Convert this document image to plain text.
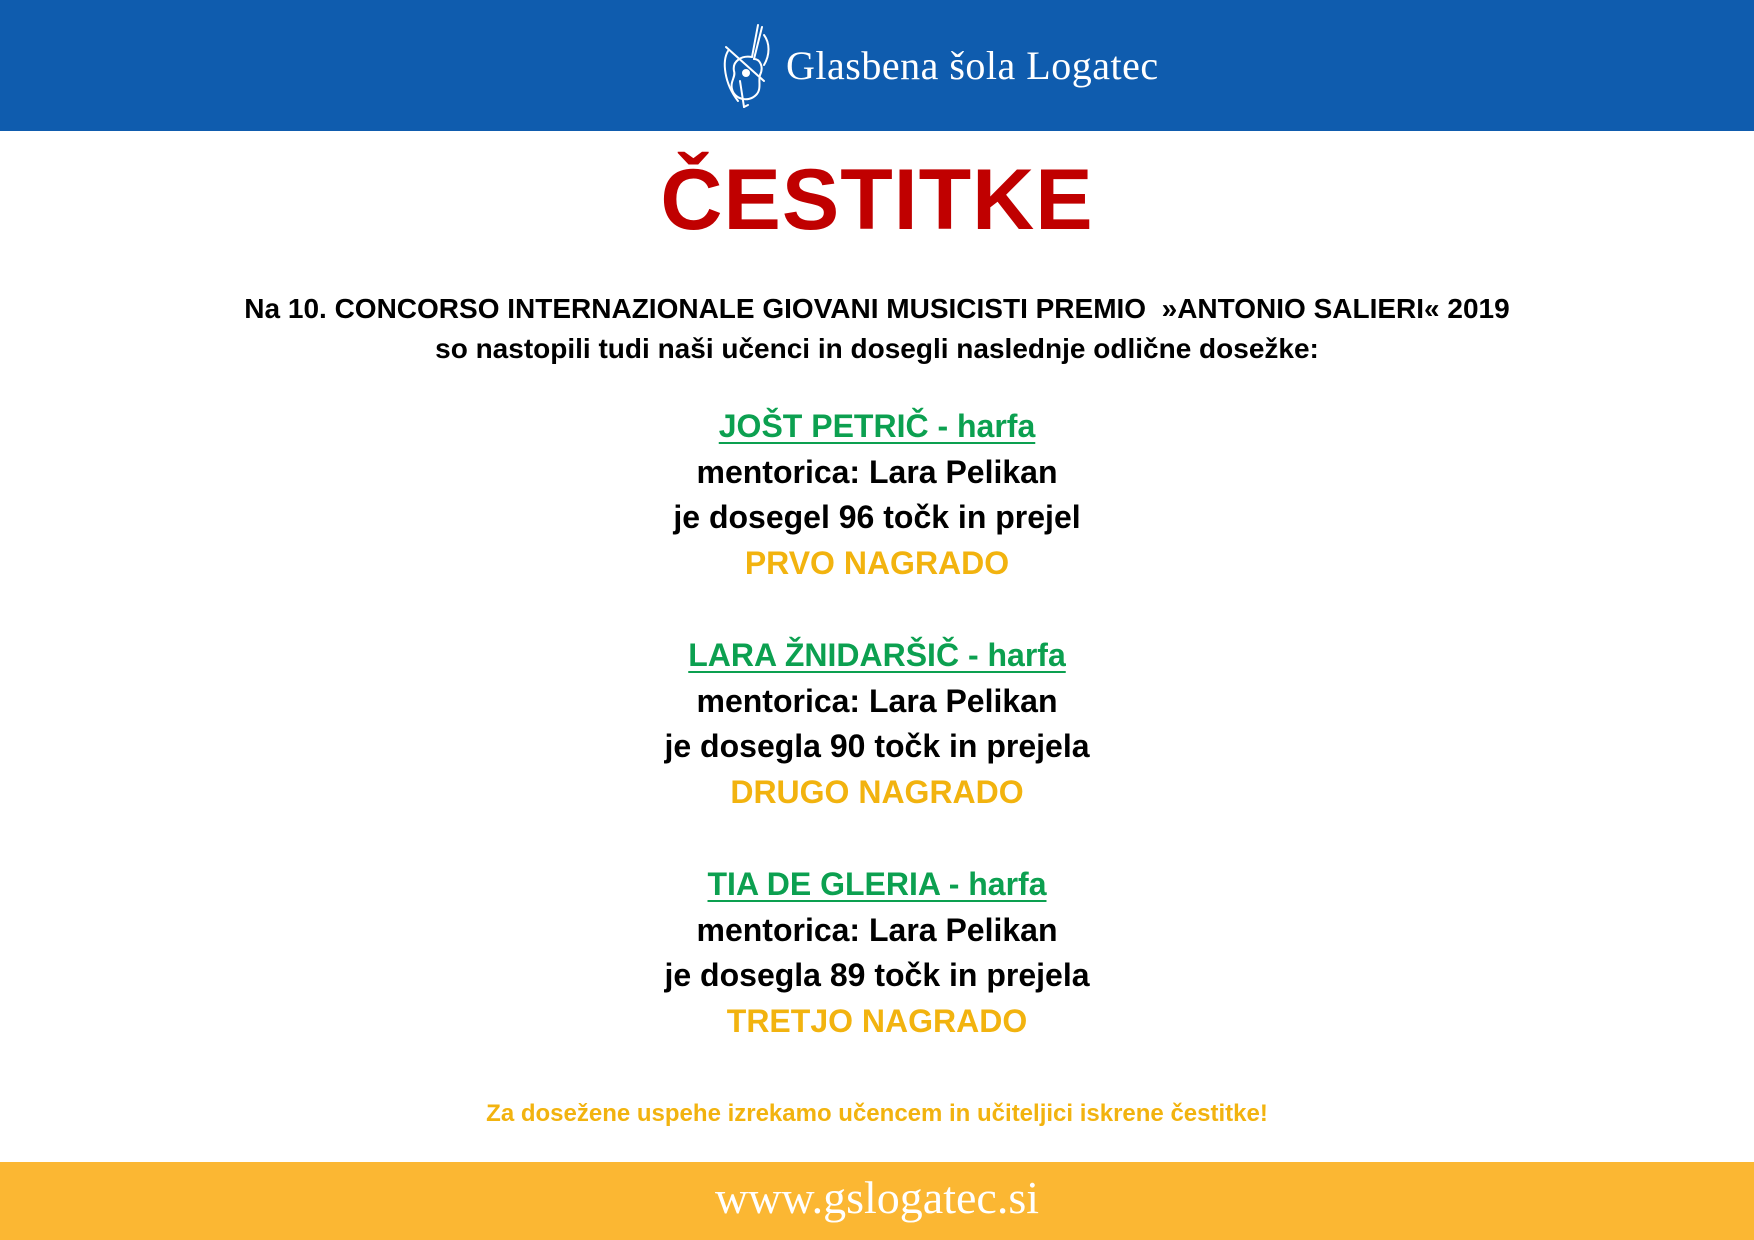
Glasbena šola Logatec
ČESTITKE
Na 10. CONCORSO INTERNAZIONALE GIOVANI MUSICISTI PREMIO  »ANTONIO SALIERI« 2019
so nastopili tudi naši učenci in dosegli naslednje odlične dosežke:
JOŠT PETRIČ - harfa
mentorica: Lara Pelikan
je dosegel 96 točk in prejel
PRVO NAGRADO
LARA ŽNIDARŠIČ - harfa
mentorica: Lara Pelikan
je dosegla 90 točk in prejela
DRUGO NAGRADO
TIA DE GLERIA - harfa
mentorica: Lara Pelikan
je dosegla 89 točk in prejela
TRETJO NAGRADO
Za dosežene uspehe izrekamo učencem in učiteljici iskrene čestitke!
www.gslogatec.si
